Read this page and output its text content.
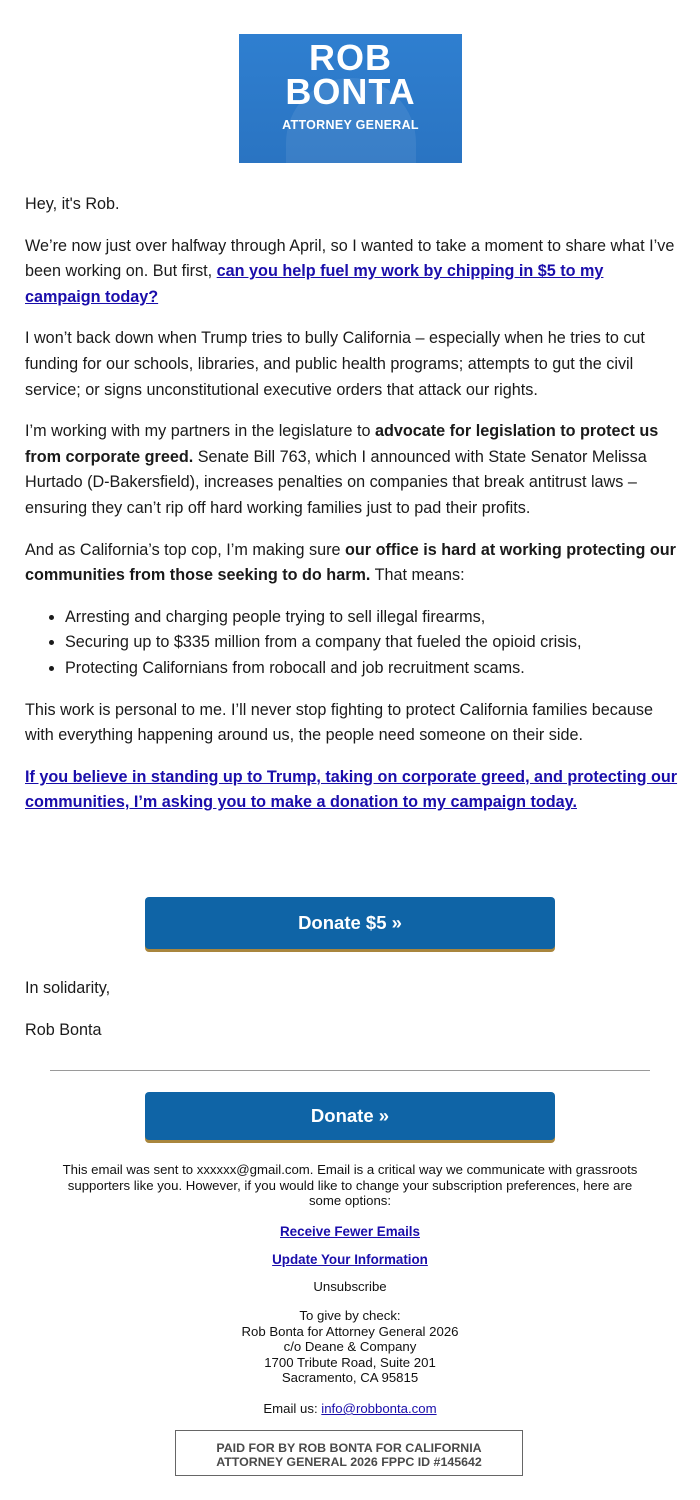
ROB
BONTA
ATTORNEY GENERAL

Hey, it's Rob.

We’re now just over halfway through April, so I wanted to take a moment to share what I’ve been working on. But first, can you help fuel my work by chipping in $5 to my campaign today?

I won’t back down when Trump tries to bully California – especially when he tries to cut funding for our schools, libraries, and public health programs; attempts to gut the civil service; or signs unconstitutional executive orders that attack our rights.

I’m working with my partners in the legislature to advocate for legislation to protect us from corporate greed. Senate Bill 763, which I announced with State Senator Melissa Hurtado (D-Bakersfield), increases penalties on companies that break antitrust laws – ensuring they can’t rip off hard working families just to pad their profits.

And as California’s top cop, I’m making sure our office is hard at working protecting our communities from those seeking to do harm. That means:

• Arresting and charging people trying to sell illegal firearms,
• Securing up to $335 million from a company that fueled the opioid crisis,
• Protecting Californians from robocall and job recruitment scams.

This work is personal to me. I’ll never stop fighting to protect California families because with everything happening around us, the people need someone on their side.

If you believe in standing up to Trump, taking on corporate greed, and protecting our communities, I’m asking you to make a donation to my campaign today.

Donate $5 »
In solidarity,
Rob Bonta
Donate »
This email was sent to xxxxxx@gmail.com. Email is a critical way we communicate with grassroots supporters like you. However, if you would like to change your subscription preferences, here are some options:
Receive Fewer Emails
Update Your Information
Unsubscribe
To give by check:
Rob Bonta for Attorney General 2026
c/o Deane & Company
1700 Tribute Road, Suite 201
Sacramento, CA 95815
Email us: info@robbonta.com
PAID FOR BY ROB BONTA FOR CALIFORNIA
ATTORNEY GENERAL 2026 FPPC ID #145642
